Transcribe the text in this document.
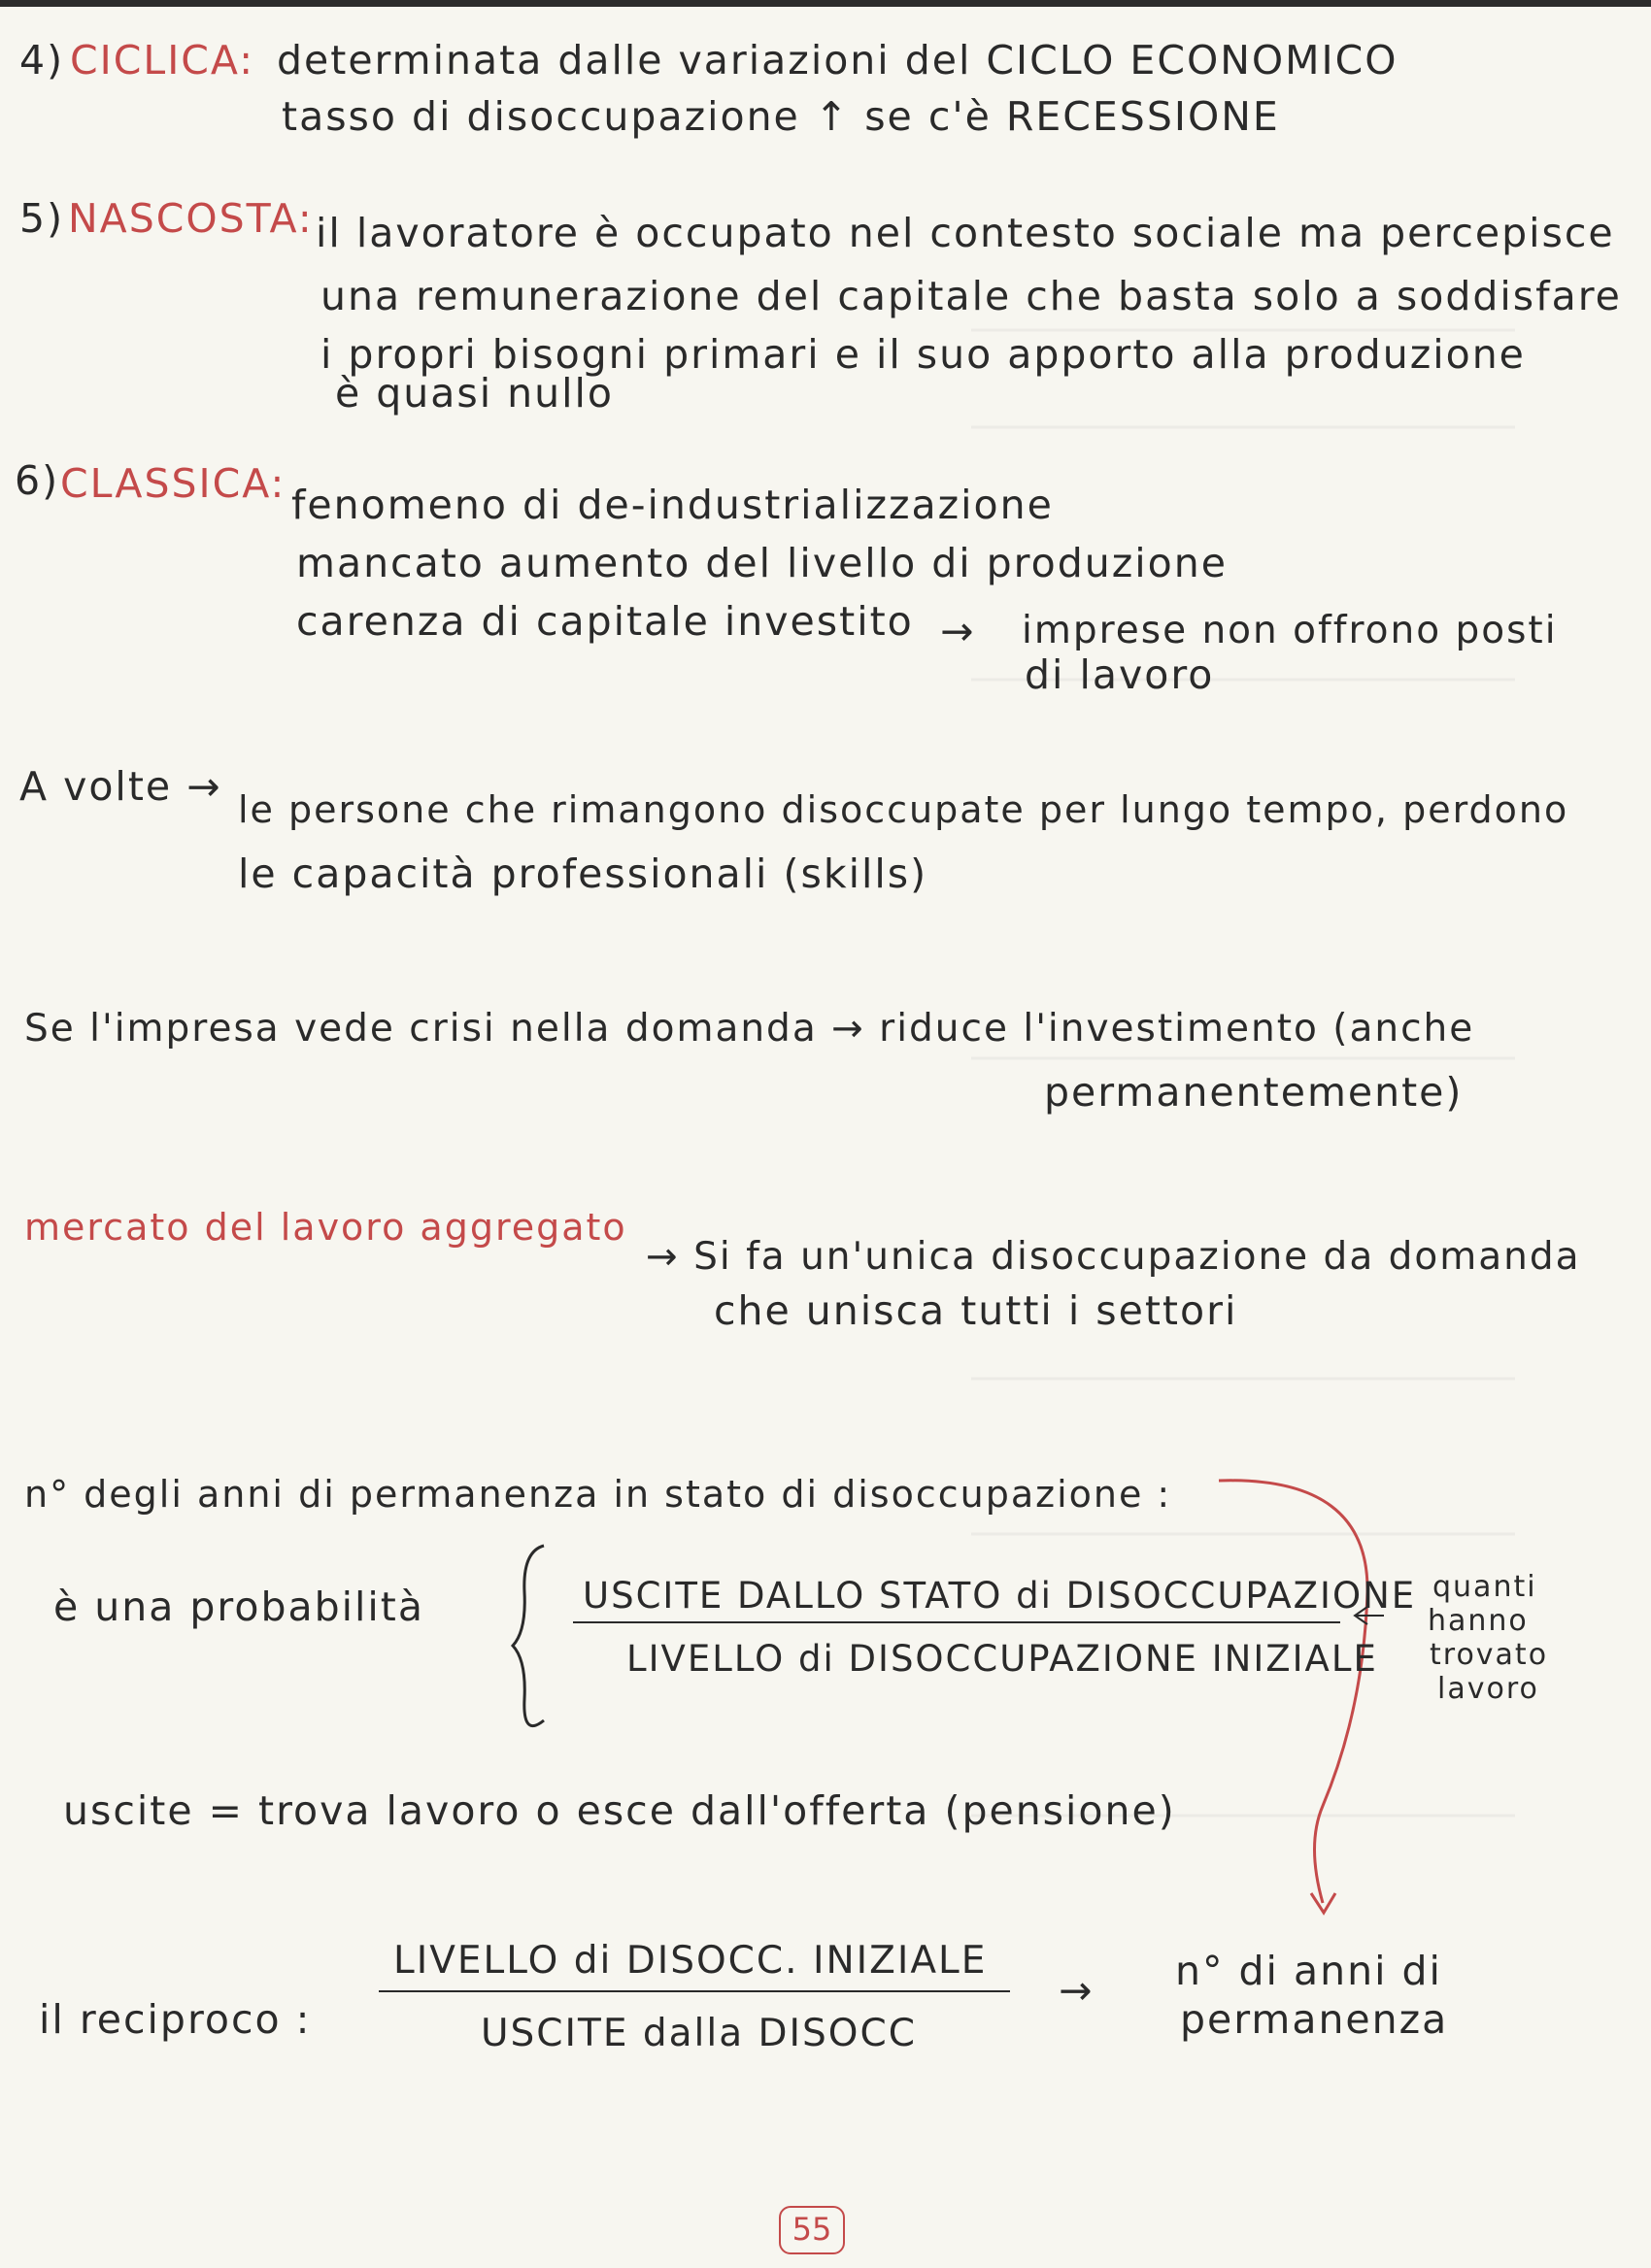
4) CICLICA: determinata dalle variazioni del CICLO ECONOMICO
tasso di disoccupazione ↑ se c'è RECESSIONE
5) NASCOSTA: il lavoratore è occupato nel contesto sociale ma percepisce
una remunerazione del capitale che basta solo a soddisfare
i propri bisogni primari e il suo apporto alla produzione
è quasi nullo
6) CLASSICA: fenomeno di de-industrializzazione
mancato aumento del livello di produzione
carenza di capitale investito → imprese non offrono posti
di lavoro
A volte → le persone che rimangono disoccupate per lungo tempo, perdono
le capacità professionali (skills)
Se l'impresa vede crisi nella domanda → riduce l'investimento (anche
permanentemente)
mercato del lavoro aggregato
→ Si fa un'unica disoccupazione da domanda
che unisca tutti i settori
n° degli anni di permanenza in stato di disoccupazione :
è una probabilità	USCITE DALLO STATO di DISOCCUPAZIONE
LIVELLO di DISOCCUPAZIONE INIZIALE
quanti
hanno
trovato
lavoro
uscite = trova lavoro o esce dall'offerta (pensione)
il reciproco :
LIVELLO di DISOCC. INIZIALE
USCITE dalla DISOCC
→ n° di anni di
permanenza
55
